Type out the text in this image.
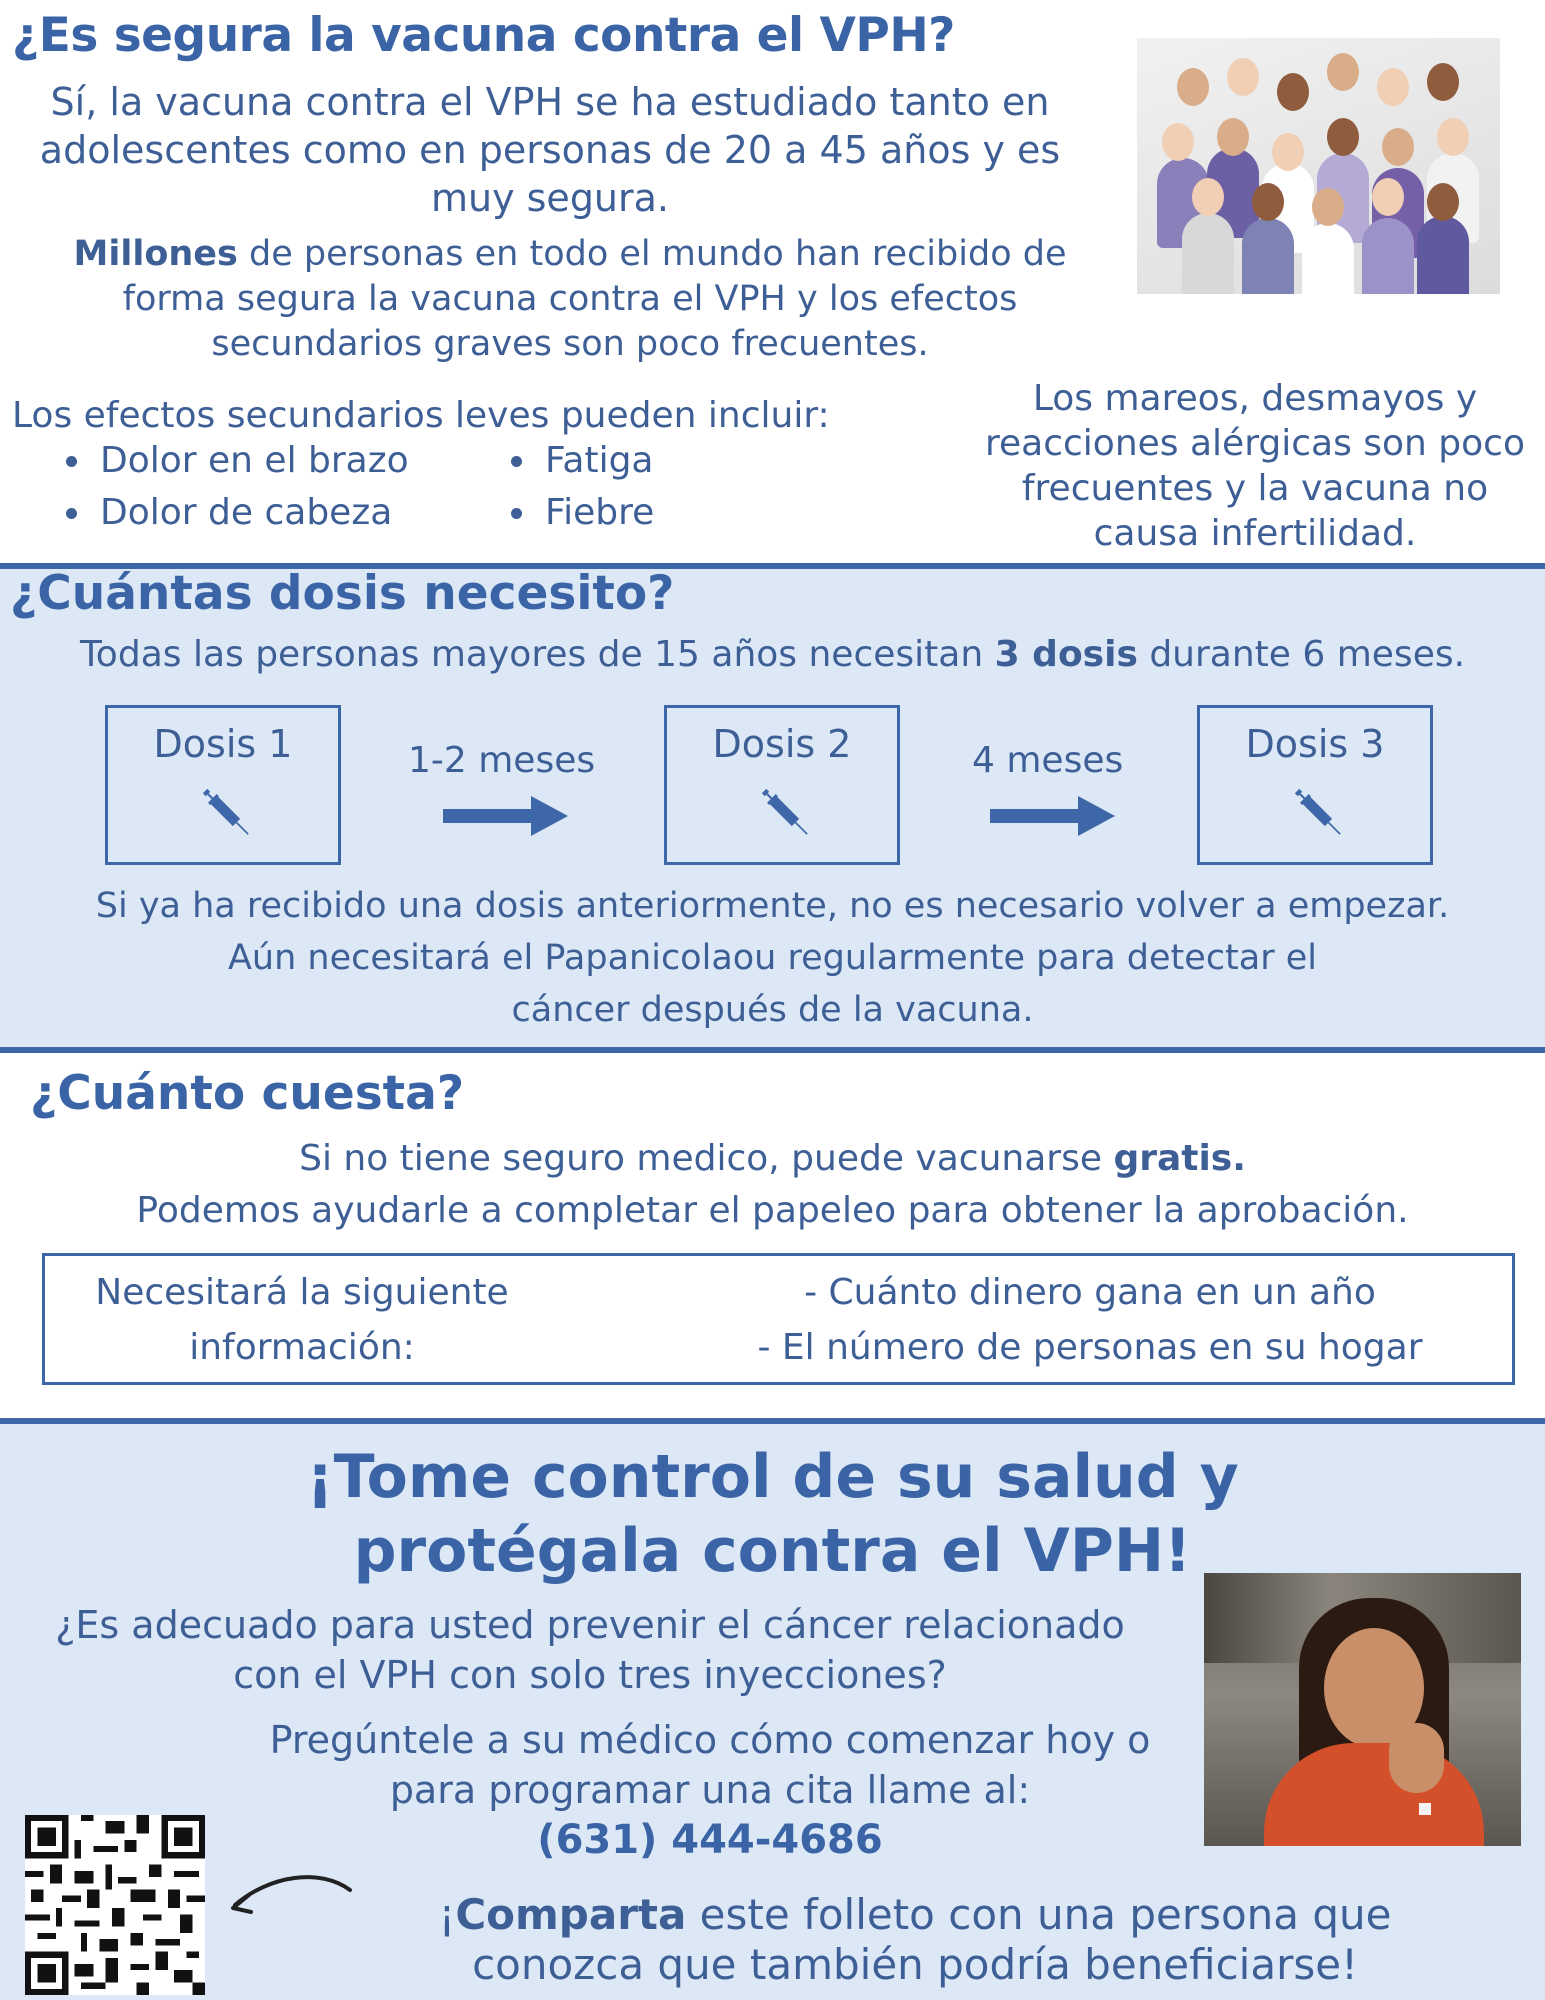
¿Es segura la vacuna contra el VPH?
Sí, la vacuna contra el VPH se ha estudiado tanto en adolescentes como en personas de 20 a 45 años y es muy segura.
Millones de personas en todo el mundo han recibido de forma segura la vacuna contra el VPH y los efectos secundarios graves son poco frecuentes.
Los efectos secundarios leves pueden incluir:
Dolor en el brazo
Dolor de cabeza
Fatiga
Fiebre
Los mareos, desmayos y reacciones alérgicas son poco frecuentes y la vacuna no causa infertilidad.
¿Cuántas dosis necesito?
Todas las personas mayores de 15 años necesitan 3 dosis durante 6 meses.
Dosis 1	1-2 meses	Dosis 2	4 meses	Dosis 3
Si ya ha recibido una dosis anteriormente, no es necesario volver a empezar.
Aún necesitará el Papanicolaou regularmente para detectar el cáncer después de la vacuna.
¿Cuánto cuesta?
Si no tiene seguro medico, puede vacunarse gratis.
Podemos ayudarle a completar el papeleo para obtener la aprobación.
Necesitará la siguiente información:
- Cuánto dinero gana en un año
- El número de personas en su hogar
¡Tome control de su salud y protégala contra el VPH!
¿Es adecuado para usted prevenir el cáncer relacionado con el VPH con solo tres inyecciones?
Pregúntele a su médico cómo comenzar hoy o para programar una cita llame al:
(631) 444-4686
¡Comparta este folleto con una persona que conozca que también podría beneficiarse!
